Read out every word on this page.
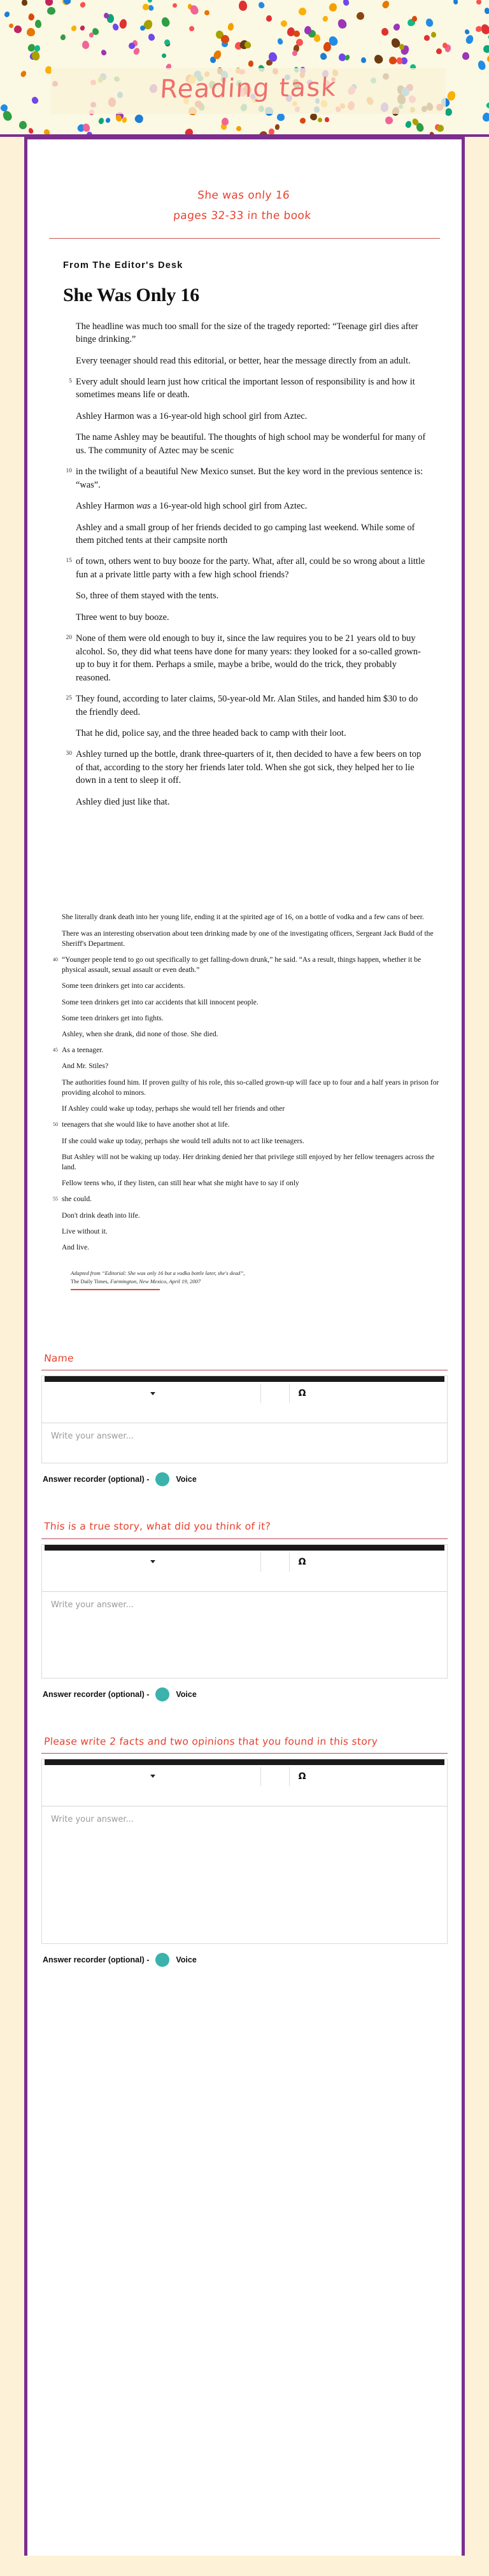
Reading task
She was only 16
pages 32-33 in the book
From The Editor's Desk
She Was Only 16
The headline was much too small for the size of the tragedy reported: “Teenage girl dies after binge drinking.”
Every teenager should read this editorial, or better, hear the message directly from an adult.
5 Every adult should learn just how critical the important lesson of responsibility is and how it sometimes means life or death.
Ashley Harmon was a 16-year-old high school girl from Aztec.
The name Ashley may be beautiful. The thoughts of high school may be wonderful for many of us. The community of Aztec may be scenic
10 in the twilight of a beautiful New Mexico sunset. But the key word in the previous sentence is: “was”.
Ashley Harmon was a 16-year-old high school girl from Aztec.
Ashley and a small group of her friends decided to go camping last weekend. While some of them pitched tents at their campsite north
15 of town, others went to buy booze for the party. What, after all, could be so wrong about a little fun at a private little party with a few high school friends?
So, three of them stayed with the tents.
Three went to buy booze.
20 None of them were old enough to buy it, since the law requires you to be 21 years old to buy alcohol. So, they did what teens have done for many years: they looked for a so-called grown-up to buy it for them. Perhaps a smile, maybe a bribe, would do the trick, they probably reasoned.
25 They found, according to later claims, 50-year-old Mr. Alan Stiles, and handed him $30 to do the friendly deed.
That he did, police say, and the three headed back to camp with their loot.
30 Ashley turned up the bottle, drank three-quarters of it, then decided to have a few beers on top of that, according to the story her friends later told. When she got sick, they helped her to lie down in a tent to sleep it off.
Ashley died just like that.
She literally drank death into her young life, ending it at the spirited age of 16, on a bottle of vodka and a few cans of beer.
There was an interesting observation about teen drinking made by one of the investigating officers, Sergeant Jack Budd of the Sheriff's Department.
40 “Younger people tend to go out specifically to get falling-down drunk,” he said. “As a result, things happen, whether it be physical assault, sexual assault or even death.”
Some teen drinkers get into car accidents.
Some teen drinkers get into car accidents that kill innocent people.
Some teen drinkers get into fights.
Ashley, when she drank, did none of those. She died.
45 As a teenager.
And Mr. Stiles?
The authorities found him. If proven guilty of his role, this so-called grown-up will face up to four and a half years in prison for providing alcohol to minors.
If Ashley could wake up today, perhaps she would tell her friends and other
50 teenagers that she would like to have another shot at life.
If she could wake up today, perhaps she would tell adults not to act like teenagers.
But Ashley will not be waking up today. Her drinking denied her that privilege still enjoyed by her fellow teenagers across the land.
Fellow teens who, if they listen, can still hear what she might have to say if only
55 she could.
Don't drink death into life.
Live without it.
And live.
Adapted from “Editorial: She was only 16 but a vodka bottle later, she's dead”,
The Daily Times, Farmington, New Mexico, April 19, 2007
Name
Ω
Write your answer...
Answer recorder (optional) -	Voice
This is a true story, what did you think of it?
Ω
Write your answer...
Answer recorder (optional) -	Voice
Please write 2 facts and two opinions that you found in this story
Ω
Write your answer...
Answer recorder (optional) -	Voice
